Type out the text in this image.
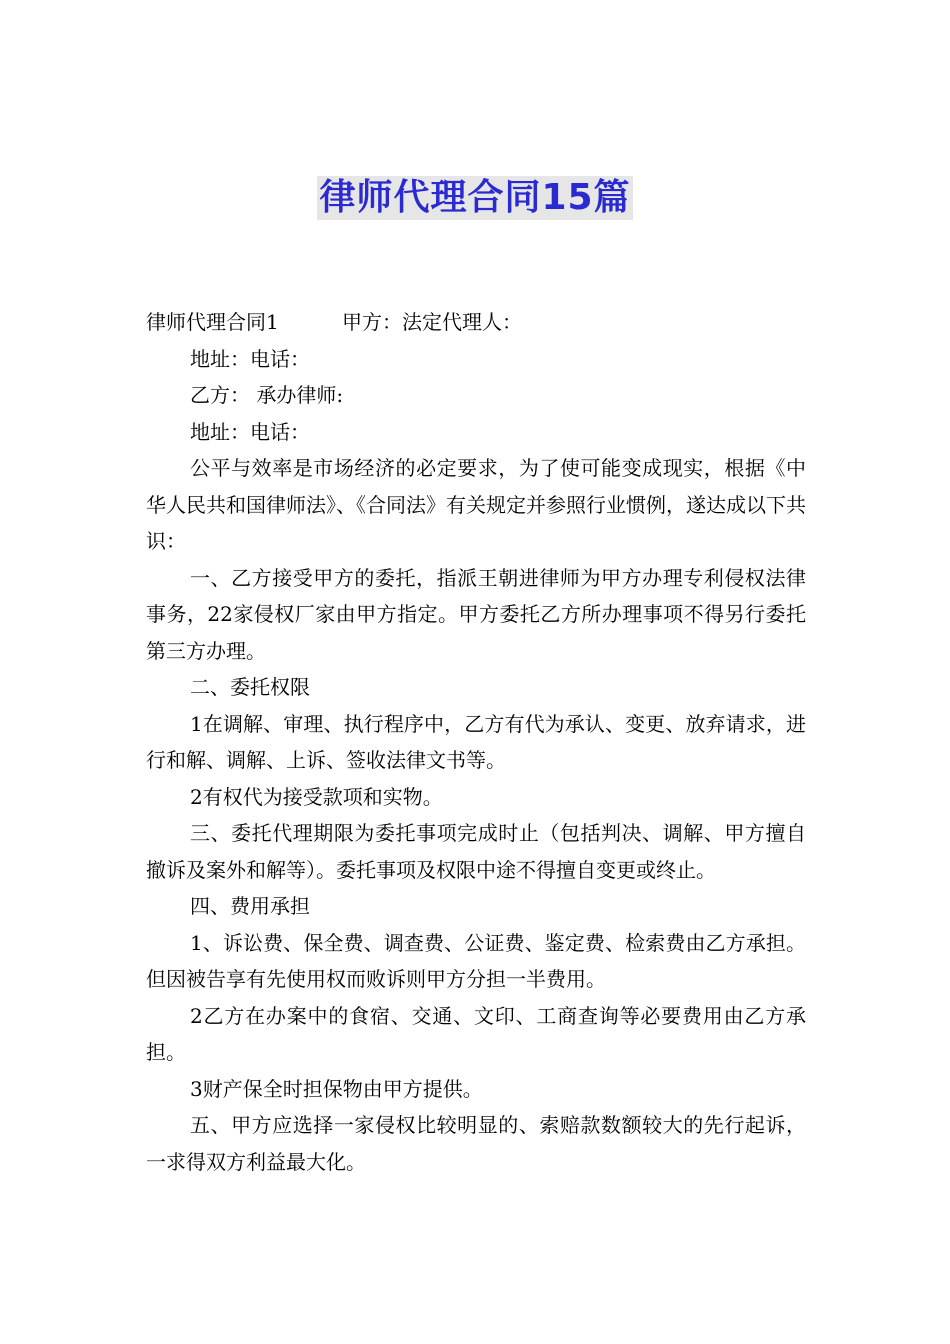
律师代理合同15篇
律师代理合同1	甲方：法定代理人：

地址：电话：

乙方： 承办律师:

地址：电话：

公平与效率是市场经济的必定要求，为了使可能变成现实，根据《中华人民共和国律师法》、《合同法》有关规定并参照行业惯例，遂达成以下共识：

一、乙方接受甲方的委托，指派王朝进律师为甲方办理专利侵权法律事务，22家侵权厂家由甲方指定。甲方委托乙方所办理事项不得另行委托第三方办理。

二、委托权限

1在调解、审理、执行程序中，乙方有代为承认、变更、放弃请求，进行和解、调解、上诉、签收法律文书等。

2有权代为接受款项和实物。

三、委托代理期限为委托事项完成时止（包括判决、调解、甲方擅自撤诉及案外和解等）。委托事项及权限中途不得擅自变更或终止。

四、费用承担

1、诉讼费、保全费、调查费、公证费、鉴定费、检索费由乙方承担。但因被告享有先使用权而败诉则甲方分担一半费用。

2乙方在办案中的食宿、交通、文印、工商查询等必要费用由乙方承担。

3财产保全时担保物由甲方提供。

五、甲方应选择一家侵权比较明显的、索赔款数额较大的先行起诉，一求得双方利益最大化。
